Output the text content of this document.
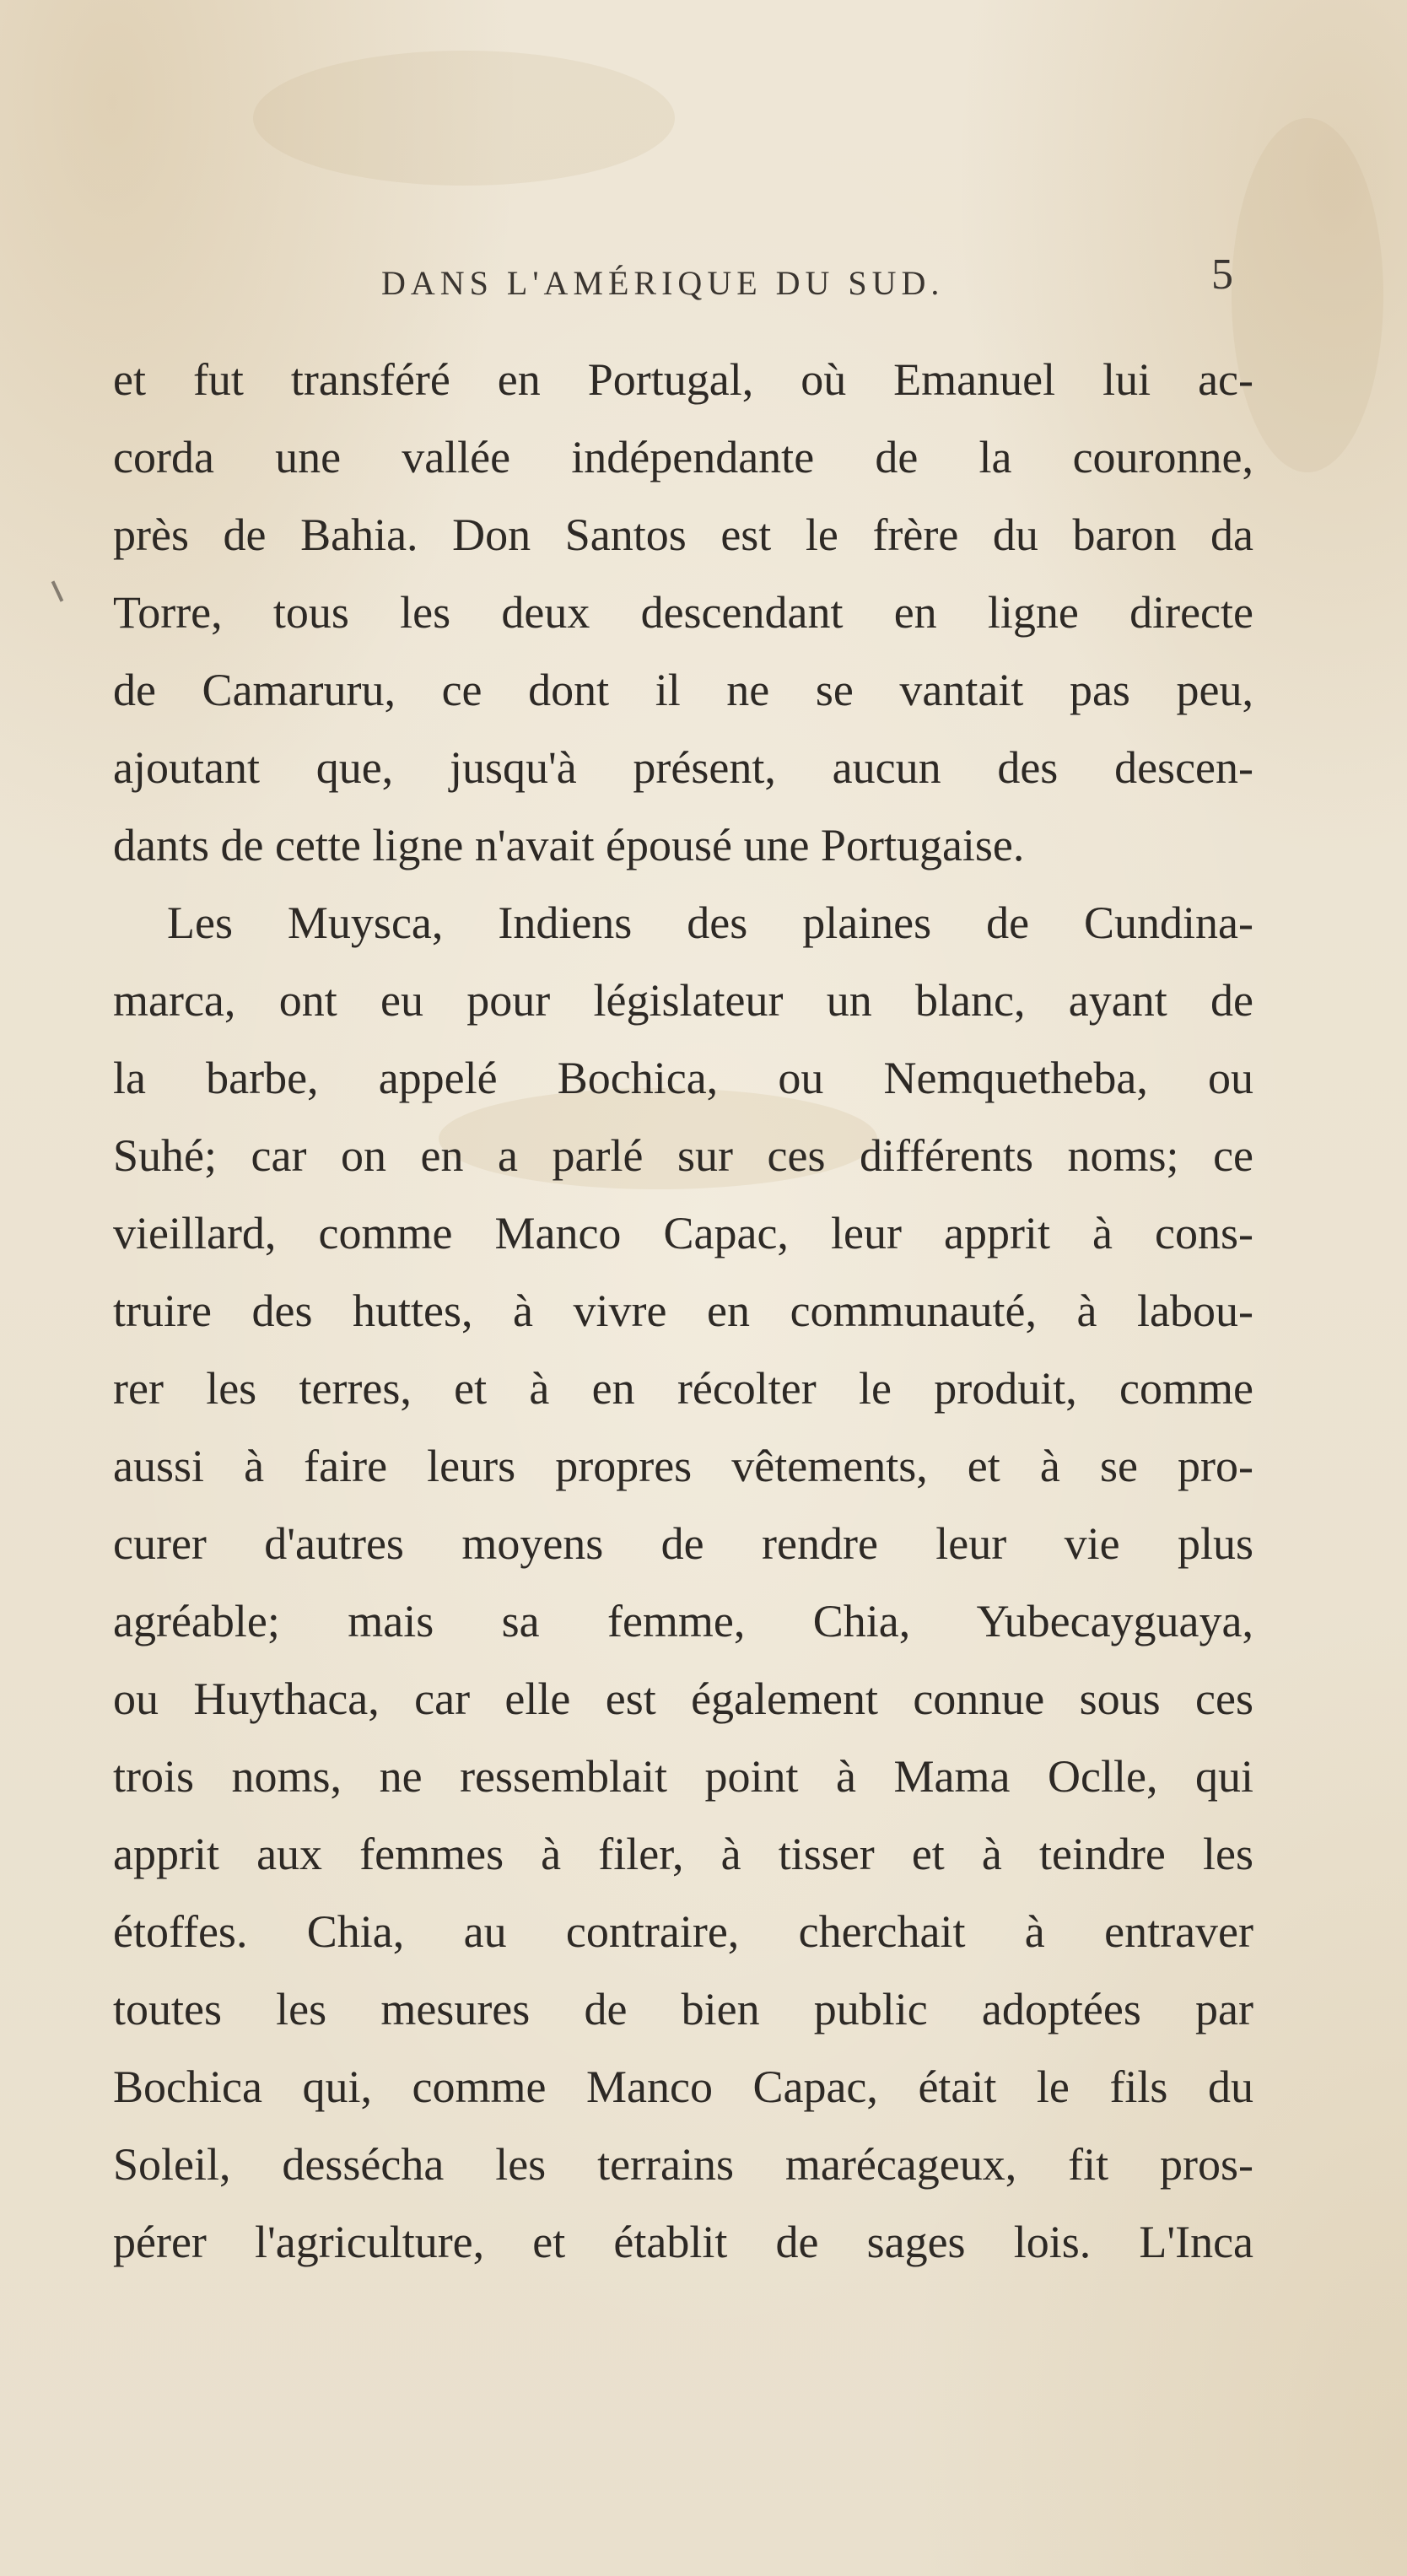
DANS L'AMÉRIQUE DU SUD.	5
et fut transféré en Portugal, où Emanuel lui ac-
corda une vallée indépendante de la couronne,
près de Bahia. Don Santos est le frère du baron da
Torre, tous les deux descendant en ligne directe
de Camaruru, ce dont il ne se vantait pas peu,
ajoutant que, jusqu'à présent, aucun des descen-
dants de cette ligne n'avait épousé une Portugaise.
Les Muysca, Indiens des plaines de Cundina-
marca, ont eu pour législateur un blanc, ayant de
la barbe, appelé Bochica, ou Nemquetheba, ou
Suhé; car on en a parlé sur ces différents noms; ce
vieillard, comme Manco Capac, leur apprit à cons-
truire des huttes, à vivre en communauté, à labou-
rer les terres, et à en récolter le produit, comme
aussi à faire leurs propres vêtements, et à se pro-
curer d'autres moyens de rendre leur vie plus
agréable; mais sa femme, Chia, Yubecayguaya,
ou Huythaca, car elle est également connue sous ces
trois noms, ne ressemblait point à Mama Oclle, qui
apprit aux femmes à filer, à tisser et à teindre les
étoffes. Chia, au contraire, cherchait à entraver
toutes les mesures de bien public adoptées par
Bochica qui, comme Manco Capac, était le fils du
Soleil, dessécha les terrains marécageux, fit pros-
pérer l'agriculture, et établit de sages lois. L'Inca
